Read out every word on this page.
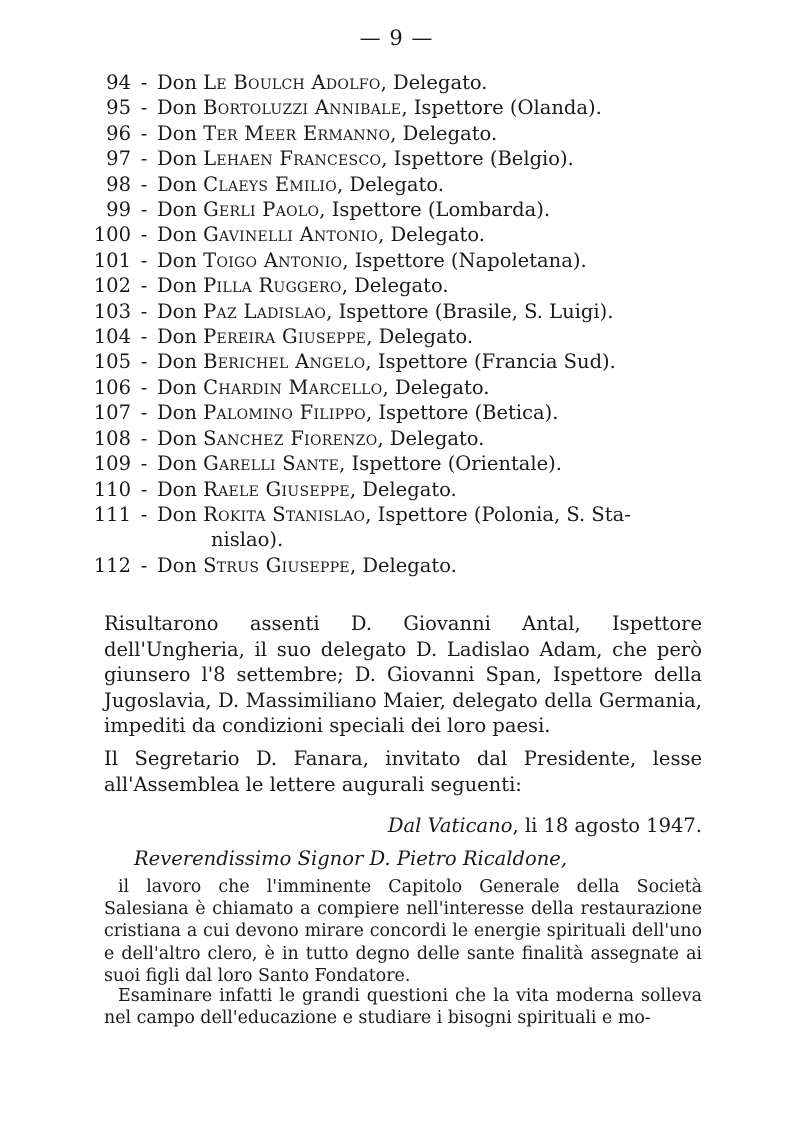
— 9 —
94 - Don Le Boulch Adolfo, Delegato.
95 - Don Bortoluzzi Annibale, Ispettore (Olanda).
96 - Don Ter Meer Ermanno, Delegato.
97 - Don Lehaen Francesco, Ispettore (Belgio).
98 - Don Claeys Emilio, Delegato.
99 - Don Gerli Paolo, Ispettore (Lombarda).
100 - Don Gavinelli Antonio, Delegato.
101 - Don Toigo Antonio, Ispettore (Napoletana).
102 - Don Pilla Ruggero, Delegato.
103 - Don Paz Ladislao, Ispettore (Brasile, S. Luigi).
104 - Don Pereira Giuseppe, Delegato.
105 - Don Berichel Angelo, Ispettore (Francia Sud).
106 - Don Chardin Marcello, Delegato.
107 - Don Palomino Filippo, Ispettore (Betica).
108 - Don Sanchez Fiorenzo, Delegato.
109 - Don Garelli Sante, Ispettore (Orientale).
110 - Don Raele Giuseppe, Delegato.
111 - Don Rokita Stanislao, Ispettore (Polonia, S. Sta-
nislao).
112 - Don Strus Giuseppe, Delegato.

Risultarono assenti D. Giovanni Antal, Ispettore dell'Ungheria, il suo delegato D. Ladislao Adam, che però giunsero l'8 settembre; D. Giovanni Span, Ispettore della Jugoslavia, D. Massimiliano Maier, delegato della Germania, impediti da condizioni speciali dei loro paesi.

Il Segretario D. Fanara, invitato dal Presidente, lesse all'Assemblea le lettere augurali seguenti:

Dal Vaticano, li 18 agosto 1947.
Reverendissimo Signor D. Pietro Ricaldone,

il lavoro che l'imminente Capitolo Generale della Società Salesiana è chiamato a compiere nell'interesse della restaurazione cristiana a cui devono mirare concordi le energie spirituali dell'uno e dell'altro clero, è in tutto degno delle sante finalità assegnate ai suoi figli dal loro Santo Fondatore.

Esaminare infatti le grandi questioni che la vita moderna solleva nel campo dell'educazione e studiare i bisogni spirituali e mo-
